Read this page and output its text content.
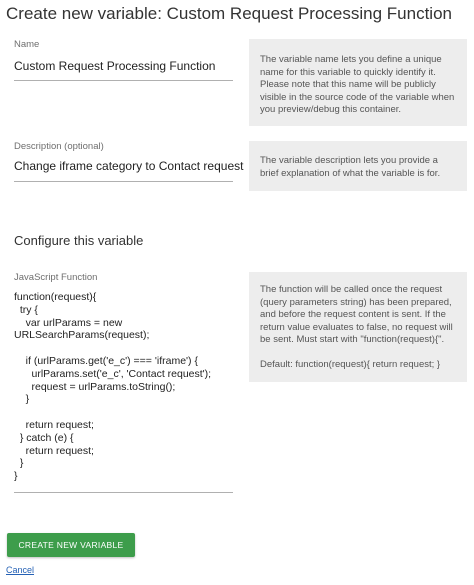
Create new variable: Custom Request Processing Function
Name
Custom Request Processing Function	The variable name lets you define a unique name for this variable to quickly identify it. Please note that this name will be publicly visible in the source code of the variable when you preview/debug this container.
Description (optional)
Change iframe category to Contact request	The variable description lets you provide a brief explanation of what the variable is for.
Configure this variable
JavaScript Function
function(request){
try {
var urlParams = new
URLSearchParams(request);

if (urlParams.get('e_c') === 'iframe') {
urlParams.set('e_c', 'Contact request');
request = urlParams.toString();
}

return request;
} catch (e) {
return request;
}
}
The function will be called once the request (query parameters string) has been prepared, and before the request content is sent. If the return value evaluates to false, no request will be sent. Must start with "function(request){".
Default: function(request){ return request; }
CREATE NEW VARIABLE
Cancel
